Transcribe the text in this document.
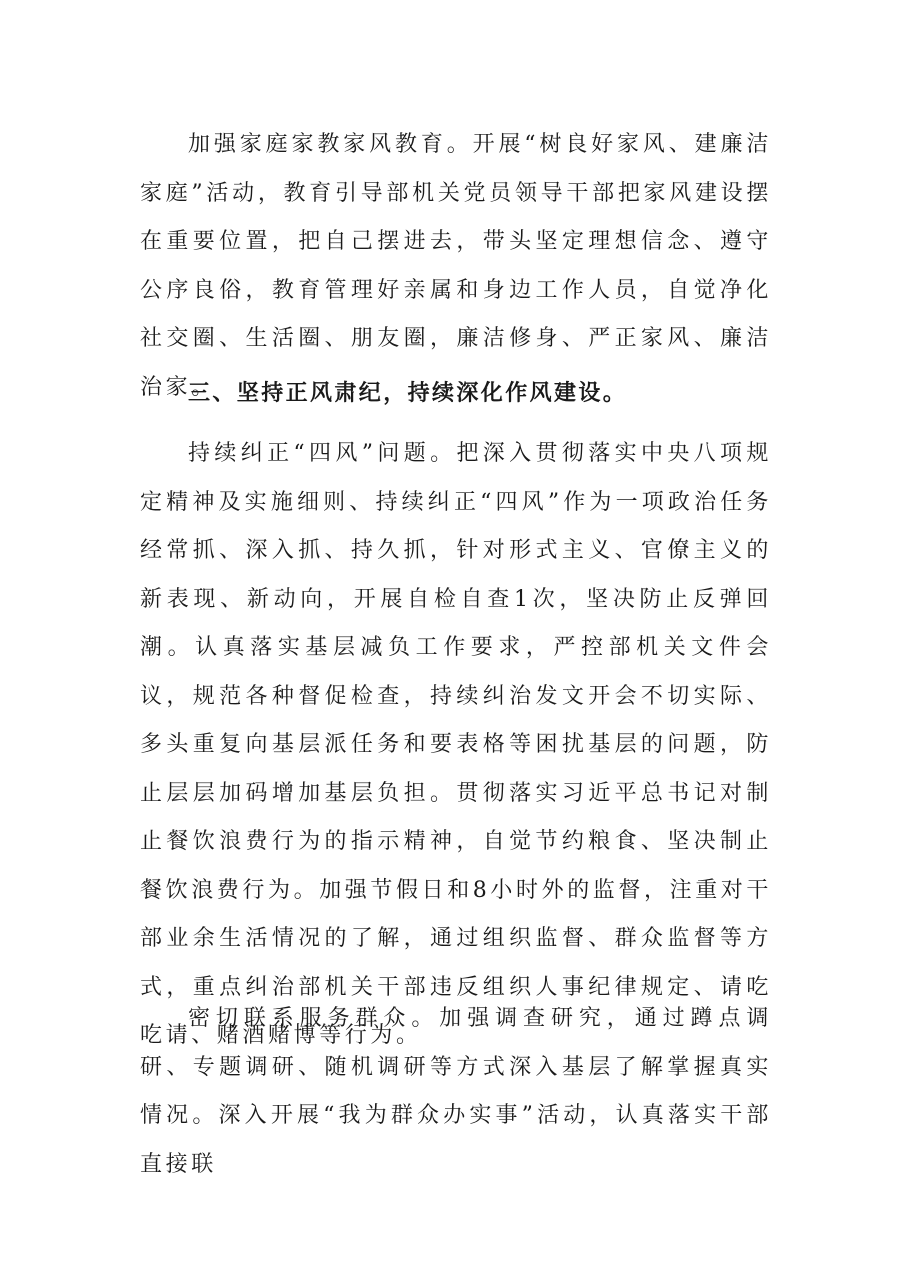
加强家庭家教家风教育。开展“树良好家风、建廉洁家庭”活动，教育引导部机关党员领导干部把家风建设摆在重要位置，把自己摆进去，带头坚定理想信念、遵守公序良俗，教育管理好亲属和身边工作人员，自觉净化社交圈、生活圈、朋友圈，廉洁修身、严正家风、廉洁治家。

三、坚持正风肃纪，持续深化作风建设。

持续纠正“四风”问题。把深入贯彻落实中央八项规定精神及实施细则、持续纠正“四风”作为一项政治任务经常抓、深入抓、持久抓，针对形式主义、官僚主义的新表现、新动向，开展自检自查1次，坚决防止反弹回潮。认真落实基层减负工作要求，严控部机关文件会议，规范各种督促检查，持续纠治发文开会不切实际、多头重复向基层派任务和要表格等困扰基层的问题，防止层层加码增加基层负担。贯彻落实习近平总书记对制止餐饮浪费行为的指示精神，自觉节约粮食、坚决制止餐饮浪费行为。加强节假日和8小时外的监督，注重对干部业余生活情况的了解，通过组织监督、群众监督等方式，重点纠治部机关干部违反组织人事纪律规定、请吃吃请、赌酒赌博等行为。

密切联系服务群众。加强调查研究，通过蹲点调研、专题调研、随机调研等方式深入基层了解掌握真实情况。深入开展“我为群众办实事”活动，认真落实干部直接联
